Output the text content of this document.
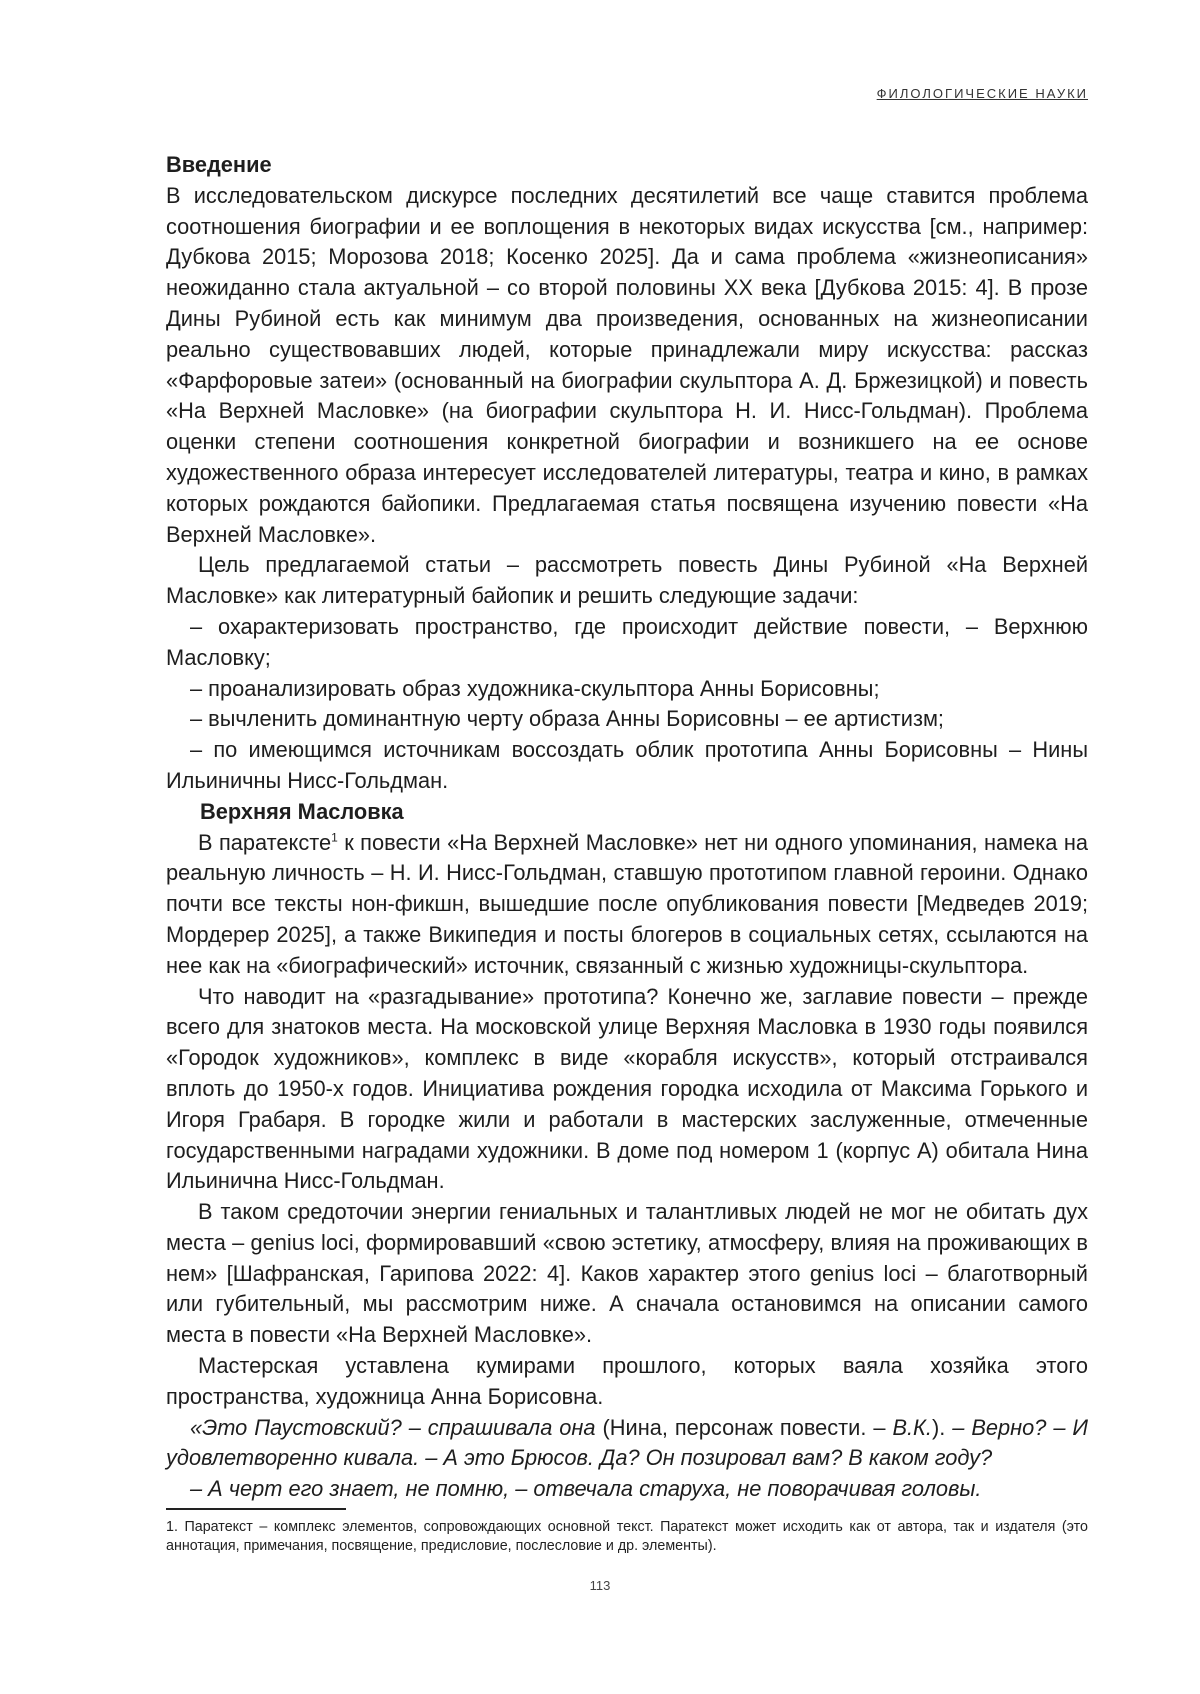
ФИЛОЛОГИЧЕСКИЕ НАУКИ

Введение

В исследовательском дискурсе последних десятилетий все чаще ставится проблема соотношения биографии и ее воплощения в некоторых видах искусства [см., например: Дубкова 2015; Морозова 2018; Косенко 2025]. Да и сама проблема «жизнеописания» неожиданно стала актуальной – со второй половины XX века [Дубкова 2015: 4]. В прозе Дины Рубиной есть как минимум два произведения, основанных на жизнеописании реально существовавших людей, которые принадлежали миру искусства: рассказ «Фарфоровые затеи» (основанный на биографии скульптора А. Д. Бржезицкой) и повесть «На Верхней Масловке» (на биографии скульптора Н. И. Нисс-Гольдман). Проблема оценки степени соотношения конкретной биографии и возникшего на ее основе художественного образа интересует исследователей литературы, театра и кино, в рамках которых рождаются байопики. Предлагаемая статья посвящена изучению повести «На Верхней Масловке».

Цель предлагаемой статьи – рассмотреть повесть Дины Рубиной «На Верхней Масловке» как литературный байопик и решить следующие задачи:

– охарактеризовать пространство, где происходит действие повести, – Верхнюю Масловку;

– проанализировать образ художника-скульптора Анны Борисовны;

– вычленить доминантную черту образа Анны Борисовны – ее артистизм;

– по имеющимся источникам воссоздать облик прототипа Анны Борисовны – Нины Ильиничны Нисс-Гольдман.

Верхняя Масловка

В паратексте$^1$ к повести «На Верхней Масловке» нет ни одного упоминания, намека на реальную личность – Н. И. Нисс-Гольдман, ставшую прототипом главной героини. Однако почти все тексты нон-фикшн, вышедшие после опубликования повести [Медведев 2019; Мордерер 2025], а также Википедия и посты блогеров в социальных сетях, ссылаются на нее как на «биографический» источник, связанный с жизнью художницы-скульптора.

Что наводит на «разгадывание» прототипа? Конечно же, заглавие повести – прежде всего для знатоков места. На московской улице Верхняя Масловка в 1930 годы появился «Городок художников», комплекс в виде «корабля искусств», который отстраивался вплоть до 1950-х годов. Инициатива рождения городка исходила от Максима Горького и Игоря Грабаря. В городке жили и работали в мастерских заслуженные, отмеченные государственными наградами художники. В доме под номером 1 (корпус А) обитала Нина Ильинична Нисс-Гольдман.

В таком средоточии энергии гениальных и талантливых людей не мог не обитать дух места – genius loci, формировавший «свою эстетику, атмосферу, влияя на проживающих в нем» [Шафранская, Гарипова 2022: 4]. Каков характер этого genius loci – благотворный или губительный, мы рассмотрим ниже. А сначала остановимся на описании самого места в повести «На Верхней Масловке».

Мастерская уставлена кумирами прошлого, которых ваяла хозяйка этого пространства, художница Анна Борисовна.

«Это Паустовский? – спрашивала она (Нина, персонаж повести. – В.К.). – Верно? – И удовлетворенно кивала. – А это Брюсов. Да? Он позировал вам? В каком году?

– А черт его знает, не помню, – отвечала старуха, не поворачивая головы.

1. Паратекст – комплекс элементов, сопровождающих основной текст. Паратекст может исходить как от автора, так и издателя (это аннотация, примечания, посвящение, предисловие, послесловие и др. элементы).
113
